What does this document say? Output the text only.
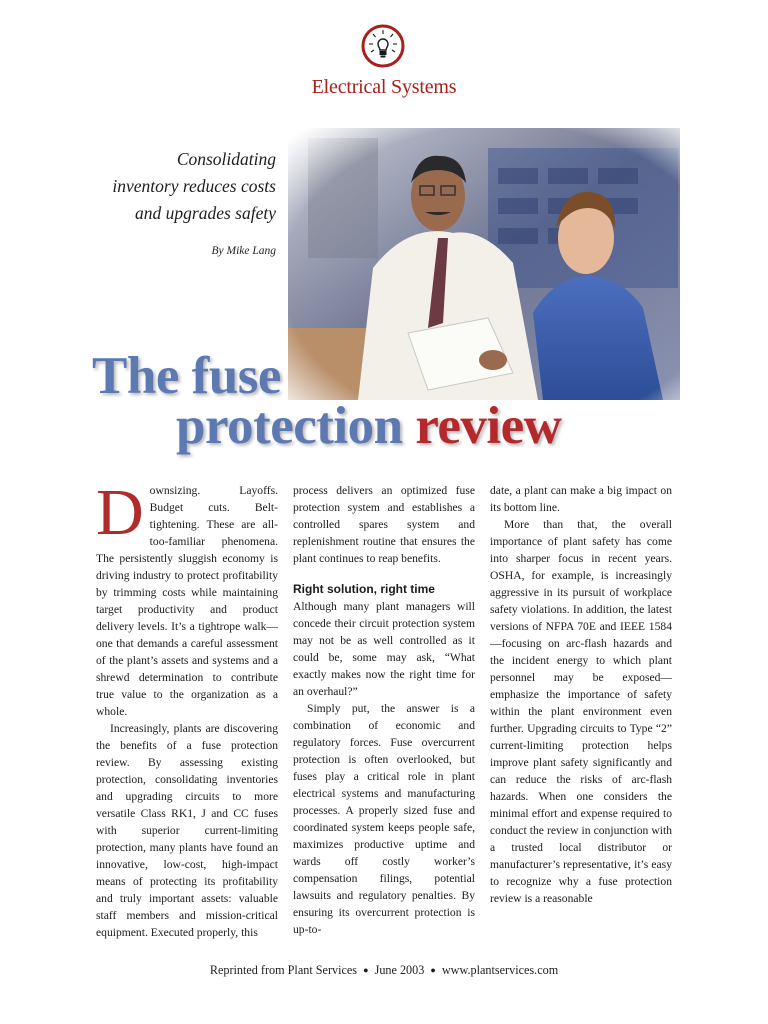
Electrical Systems
Consolidating
inventory reduces costs
and upgrades safety
By Mike Lang
The fuse
protection review

Downsizing. Layoffs. Budget cuts. Belt-tightening. These are all-too-familiar phenomena. The persistently sluggish economy is driving industry to protect profitability by trimming costs while maintaining target productivity and product delivery levels. It’s a tightrope walk—one that demands a careful assessment of the plant’s assets and systems and a shrewd determination to contribute true value to the organization as a whole.

Increasingly, plants are discovering the benefits of a fuse protection review. By assessing existing protection, consolidating inventories and upgrading circuits to more versatile Class RK1, J and CC fuses with superior current-limiting protection, many plants have found an innovative, low-cost, high-impact means of protecting its profitability and truly important assets: valuable staff members and mission-critical equipment. Executed properly, this

process delivers an optimized fuse protection system and establishes a controlled spares system and replenishment routine that ensures the plant continues to reap benefits.

Right solution, right time

Although many plant managers will concede their circuit protection system may not be as well controlled as it could be, some may ask, “What exactly makes now the right time for an overhaul?”

Simply put, the answer is a combination of economic and regulatory forces. Fuse overcurrent protection is often overlooked, but fuses play a critical role in plant electrical systems and manufacturing processes. A properly sized fuse and coordinated system keeps people safe, maximizes productive uptime and wards off costly worker’s compensation filings, potential lawsuits and regulatory penalties. By ensuring its overcurrent protection is up-to-

date, a plant can make a big impact on its bottom line.

More than that, the overall importance of plant safety has come into sharper focus in recent years. OSHA, for example, is increasingly aggressive in its pursuit of workplace safety violations. In addition, the latest versions of NFPA 70E and IEEE 1584—focusing on arc-flash hazards and the incident energy to which plant personnel may be exposed—emphasize the importance of safety within the plant environment even further. Upgrading circuits to Type “2” current-limiting protection helps improve plant safety significantly and can reduce the risks of arc-flash hazards. When one considers the minimal effort and expense required to conduct the review in conjunction with a trusted local distributor or manufacturer’s representative, it’s easy to recognize why a fuse protection review is a reasonable

Reprinted from Plant Services ● June 2003 ● www.plantservices.com
